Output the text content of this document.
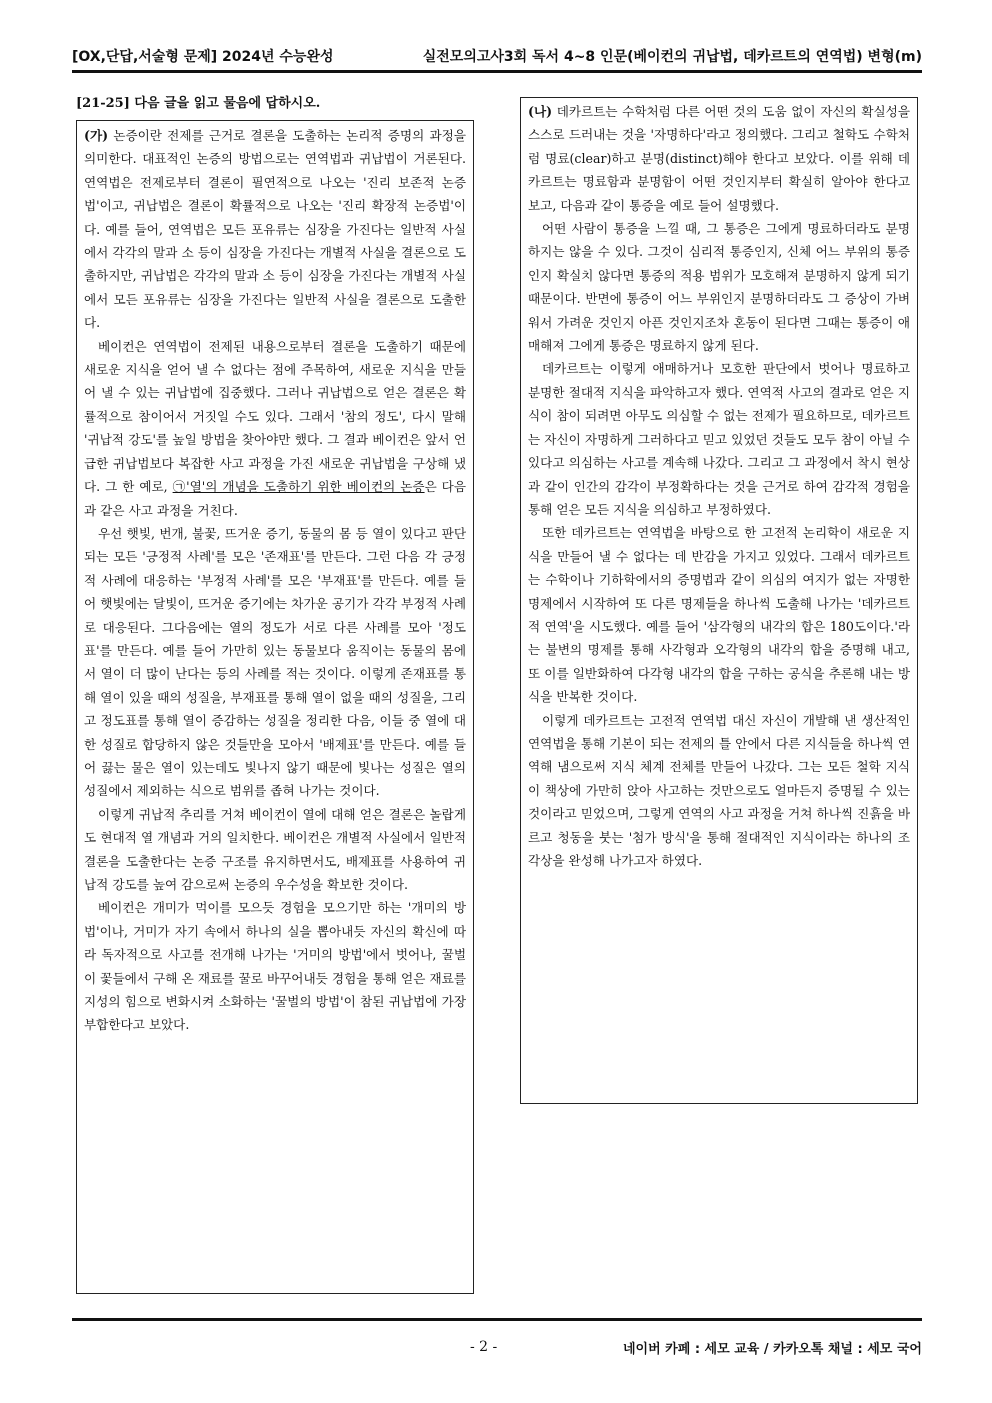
[OX,단답,서술형 문제] 2024년 수능완성	실전모의고사3회 독서 4~8 인문(베이컨의 귀납법, 데카르트의 연역법) 변형(m)
[21-25] 다음 글을 읽고 물음에 답하시오.

(가) 논증이란 전제를 근거로 결론을 도출하는 논리적 증명의 과정을 의미한다. 대표적인 논증의 방법으로는 연역법과 귀납법이 거론된다. 연역법은 전제로부터 결론이 필연적으로 나오는 '진리 보존적 논증법'이고, 귀납법은 결론이 확률적으로 나오는 '진리 확장적 논증법'이다. 예를 들어, 연역법은 모든 포유류는 심장을 가진다는 일반적 사실에서 각각의 말과 소 등이 심장을 가진다는 개별적 사실을 결론으로 도출하지만, 귀납법은 각각의 말과 소 등이 심장을 가진다는 개별적 사실에서 모든 포유류는 심장을 가진다는 일반적 사실을 결론으로 도출한다.

베이컨은 연역법이 전제된 내용으로부터 결론을 도출하기 때문에 새로운 지식을 얻어 낼 수 없다는 점에 주목하여, 새로운 지식을 만들어 낼 수 있는 귀납법에 집중했다. 그러나 귀납법으로 얻은 결론은 확률적으로 참이어서 거짓일 수도 있다. 그래서 '참의 정도', 다시 말해 '귀납적 강도'를 높일 방법을 찾아야만 했다. 그 결과 베이컨은 앞서 언급한 귀납법보다 복잡한 사고 과정을 가진 새로운 귀납법을 구상해 냈다. 그 한 예로, ㉠'열'의 개념을 도출하기 위한 베이컨의 논증은 다음과 같은 사고 과정을 거친다.

우선 햇빛, 번개, 불꽃, 뜨거운 증기, 동물의 몸 등 열이 있다고 판단되는 모든 '긍정적 사례'를 모은 '존재표'를 만든다. 그런 다음 각 긍정적 사례에 대응하는 '부정적 사례'를 모은 '부재표'를 만든다. 예를 들어 햇빛에는 달빛이, 뜨거운 증기에는 차가운 공기가 각각 부정적 사례로 대응된다. 그다음에는 열의 정도가 서로 다른 사례를 모아 '정도표'를 만든다. 예를 들어 가만히 있는 동물보다 움직이는 동물의 몸에서 열이 더 많이 난다는 등의 사례를 적는 것이다. 이렇게 존재표를 통해 열이 있을 때의 성질을, 부재표를 통해 열이 없을 때의 성질을, 그리고 정도표를 통해 열이 증감하는 성질을 정리한 다음, 이들 중 열에 대한 성질로 합당하지 않은 것들만을 모아서 '배제표'를 만든다. 예를 들어 끓는 물은 열이 있는데도 빛나지 않기 때문에 빛나는 성질은 열의 성질에서 제외하는 식으로 범위를 좁혀 나가는 것이다.

이렇게 귀납적 추리를 거쳐 베이컨이 열에 대해 얻은 결론은 놀랍게도 현대적 열 개념과 거의 일치한다. 베이컨은 개별적 사실에서 일반적 결론을 도출한다는 논증 구조를 유지하면서도, 배제표를 사용하여 귀납적 강도를 높여 감으로써 논증의 우수성을 확보한 것이다.

베이컨은 개미가 먹이를 모으듯 경험을 모으기만 하는 '개미의 방법'이나, 거미가 자기 속에서 하나의 실을 뽑아내듯 자신의 확신에 따라 독자적으로 사고를 전개해 나가는 '거미의 방법'에서 벗어나, 꿀벌이 꽃들에서 구해 온 재료를 꿀로 바꾸어내듯 경험을 통해 얻은 재료를 지성의 힘으로 변화시켜 소화하는 '꿀벌의 방법'이 참된 귀납법에 가장 부합한다고 보았다.

(나) 데카르트는 수학처럼 다른 어떤 것의 도움 없이 자신의 확실성을 스스로 드러내는 것을 '자명하다'라고 정의했다. 그리고 철학도 수학처럼 명료(clear)하고 분명(distinct)해야 한다고 보았다. 이를 위해 데카르트는 명료함과 분명함이 어떤 것인지부터 확실히 알아야 한다고 보고, 다음과 같이 통증을 예로 들어 설명했다.

어떤 사람이 통증을 느낄 때, 그 통증은 그에게 명료하더라도 분명하지는 않을 수 있다. 그것이 심리적 통증인지, 신체 어느 부위의 통증인지 확실치 않다면 통증의 적용 범위가 모호해져 분명하지 않게 되기 때문이다. 반면에 통증이 어느 부위인지 분명하더라도 그 증상이 가벼워서 가려운 것인지 아픈 것인지조차 혼동이 된다면 그때는 통증이 애매해져 그에게 통증은 명료하지 않게 된다.

데카르트는 이렇게 애매하거나 모호한 판단에서 벗어나 명료하고 분명한 절대적 지식을 파악하고자 했다. 연역적 사고의 결과로 얻은 지식이 참이 되려면 아무도 의심할 수 없는 전제가 필요하므로, 데카르트는 자신이 자명하게 그러하다고 믿고 있었던 것들도 모두 참이 아닐 수 있다고 의심하는 사고를 계속해 나갔다. 그리고 그 과정에서 착시 현상과 같이 인간의 감각이 부정확하다는 것을 근거로 하여 감각적 경험을 통해 얻은 모든 지식을 의심하고 부정하였다.

또한 데카르트는 연역법을 바탕으로 한 고전적 논리학이 새로운 지식을 만들어 낼 수 없다는 데 반감을 가지고 있었다. 그래서 데카르트는 수학이나 기하학에서의 증명법과 같이 의심의 여지가 없는 자명한 명제에서 시작하여 또 다른 명제들을 하나씩 도출해 나가는 '데카르트적 연역'을 시도했다. 예를 들어 '삼각형의 내각의 합은 180도이다.'라는 불변의 명제를 통해 사각형과 오각형의 내각의 합을 증명해 내고, 또 이를 일반화하여 다각형 내각의 합을 구하는 공식을 추론해 내는 방식을 반복한 것이다.

이렇게 데카르트는 고전적 연역법 대신 자신이 개발해 낸 생산적인 연역법을 통해 기본이 되는 전제의 틀 안에서 다른 지식들을 하나씩 연역해 냄으로써 지식 체계 전체를 만들어 나갔다. 그는 모든 철학 지식이 책상에 가만히 앉아 사고하는 것만으로도 얼마든지 증명될 수 있는 것이라고 믿었으며, 그렇게 연역의 사고 과정을 거쳐 하나씩 진흙을 바르고 청동을 붓는 '첨가 방식'을 통해 절대적인 지식이라는 하나의 조각상을 완성해 나가고자 하였다.

- 2 -	네이버 카페 : 세모 교육 / 카카오톡 채널 : 세모 국어
